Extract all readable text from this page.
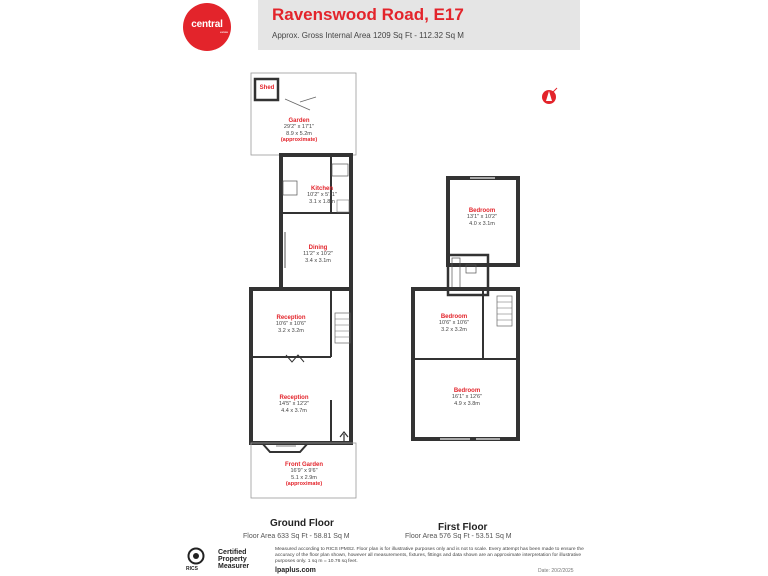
central
estate
Ravenswood Road, E17
Approx. Gross Internal Area 1209 Sq Ft - 112.32 Sq M
Shed
Garden
29'2" x 17'1"
8.9 x 5.2m
(approximate)
Kitchen
10'2" x 5'11"
3.1 x 1.8m
Dining
11'2" x 10'2"
3.4 x 3.1m
Reception
10'6" x 10'6"
3.2 x 3.2m
Reception
14'5" x 12'2"
4.4 x 3.7m
Front Garden
16'9" x 9'6"
5.1 x 2.9m
(approximate)
Bedroom
13'1" x 10'2"
4.0 x 3.1m
Bedroom
10'6" x 10'6"
3.2 x 3.2m
Bedroom
16'1" x 12'6"
4.9 x 3.8m
Ground Floor
Floor Area 633 Sq Ft - 58.81 Sq M
First Floor
Floor Area 576 Sq Ft - 53.51 Sq M
RICS
Certified
Property
Measurer
Measured according to RICS IPMS2. Floor plan is for illustrative purposes only and is not to scale. Every attempt has been made to ensure the accuracy of the floor plan shown, however all measurements, fixtures, fittings and data shown are an approximate interpretation for illustrative purposes only. 1 sq m = 10.76 sq feet.
lpaplus.com	Date: 20/2/2025
